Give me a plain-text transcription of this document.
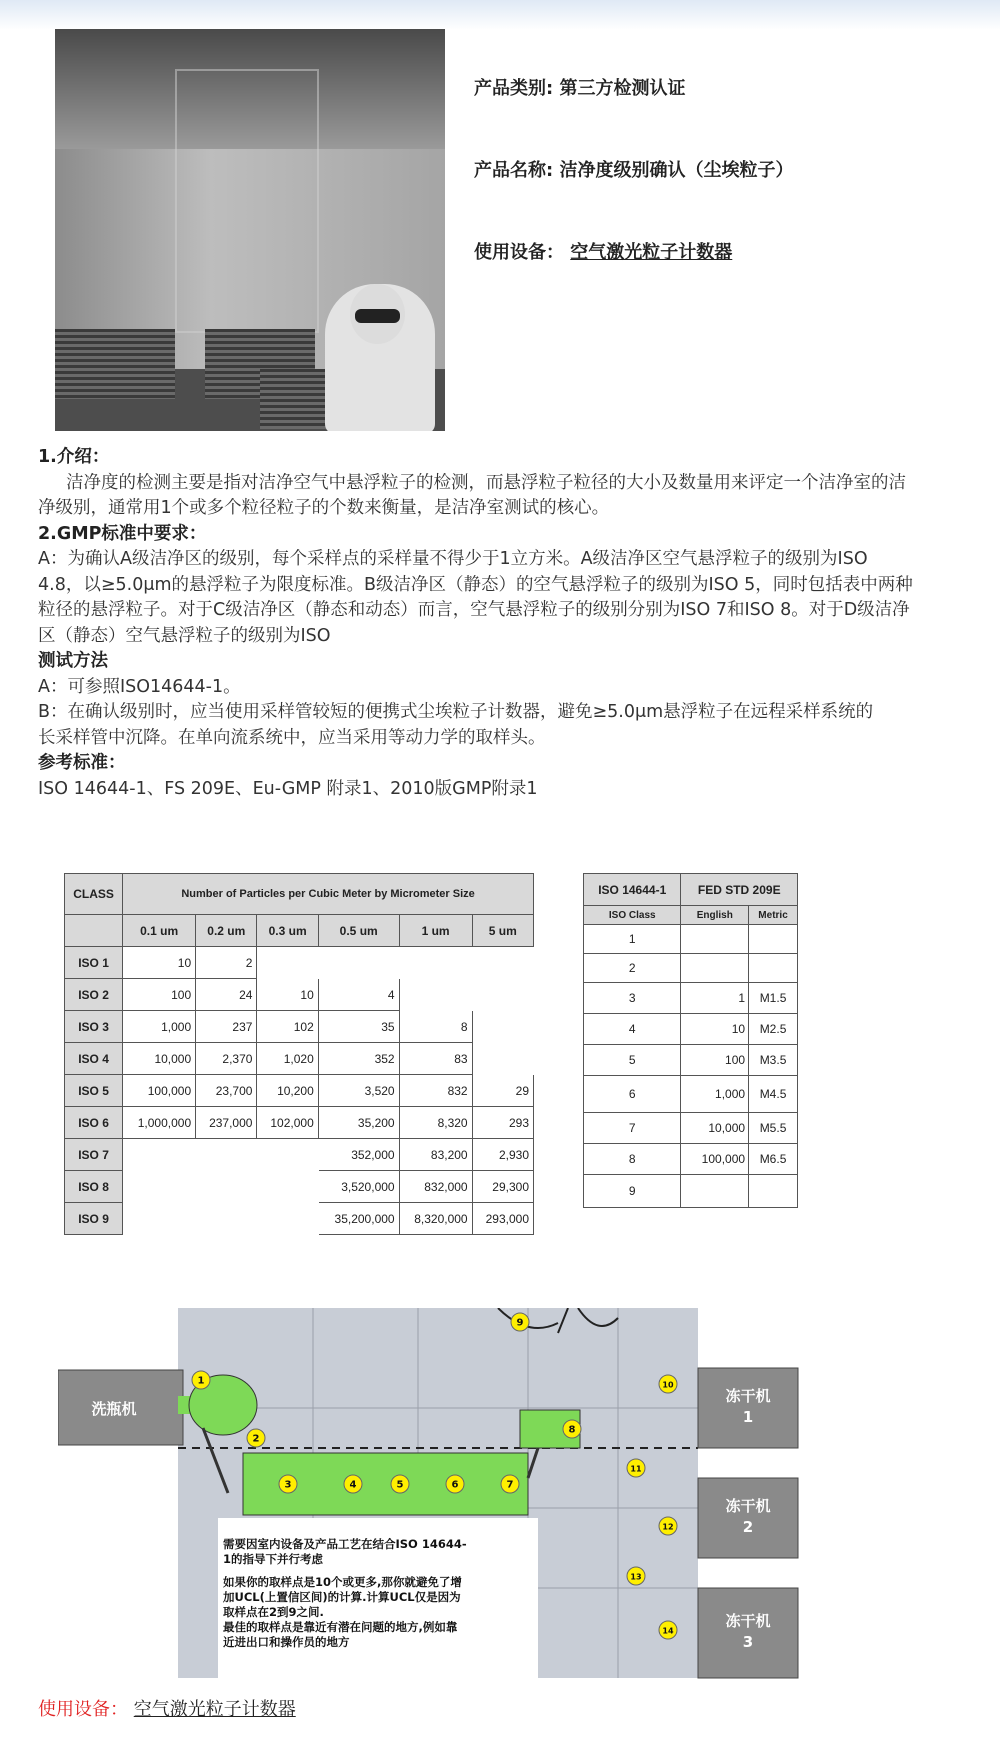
产品类别: 第三方检测认证
产品名称: 洁净度级别确认（尘埃粒子）
使用设备： 空气激光粒子计数器

1.介绍：

洁净度的检测主要是指对洁净空气中悬浮粒子的检测，而悬浮粒子粒径的大小及数量用来评定一个洁净室的洁净级别，通常用1个或多个粒径粒子的个数来衡量，是洁净室测试的核心。

2.GMP标准中要求：

A：为确认A级洁净区的级别，每个采样点的采样量不得少于1立方米。A级洁净区空气悬浮粒子的级别为ISO 4.8，以≥5.0μm的悬浮粒子为限度标准。B级洁净区（静态）的空气悬浮粒子的级别为ISO 5，同时包括表中两种粒径的悬浮粒子。对于C级洁净区（静态和动态）而言，空气悬浮粒子的级别分别为ISO 7和ISO 8。对于D级洁净区（静态）空气悬浮粒子的级别为ISO

测试方法

A：可参照ISO14644-1。

B：在确认级别时，应当使用采样管较短的便携式尘埃粒子计数器，避免≥5.0μm悬浮粒子在远程采样系统的长采样管中沉降。在单向流系统中，应当采用等动力学的取样头。

参考标准：

ISO 14644-1、FS 209E、Eu-GMP 附录1、2010版GMP附录1

CLASS	Number of Particles per Cubic Meter by Micrometer Size					
	0.1 um	0.2 um	0.3 um	0.5 um	1 um	5 um
ISO 1	10	2				
ISO 2	100	24	10	4		
ISO 3	1,000	237	102	35	8	
ISO 4	10,000	2,370	1,020	352	83	
ISO 5	100,000	23,700	10,200	3,520	832	29
ISO 6	1,000,000	237,000	102,000	35,200	8,320	293
ISO 7				352,000	83,200	2,930
ISO 8				3,520,000	832,000	29,300
ISO 9				35,200,000	8,320,000	293,000
ISO 14644-1	FED STD 209E	
ISO Class	English	Metric
1		
2		
3	1	M1.5
4	10	M2.5
5	100	M3.5
6	1,000	M4.5
7	10,000	M5.5
8	100,000	M6.5
9		
洗瓶机
冻干机
1
冻干机
2
冻干机
3
1
2
3	4	5	6	7
8
9
10
11
12
13
14
需要因室内设备及产品工艺在结合ISO 14644-
1的指导下并行考虑
如果你的取样点是10个或更多,那你就避免了增
加UCL(上置信区间)的计算.计算UCL仅是因为
取样点在2到9之间.
最佳的取样点是靠近有潜在问题的地方,例如靠
近进出口和操作员的地方
使用设备： 空气激光粒子计数器
